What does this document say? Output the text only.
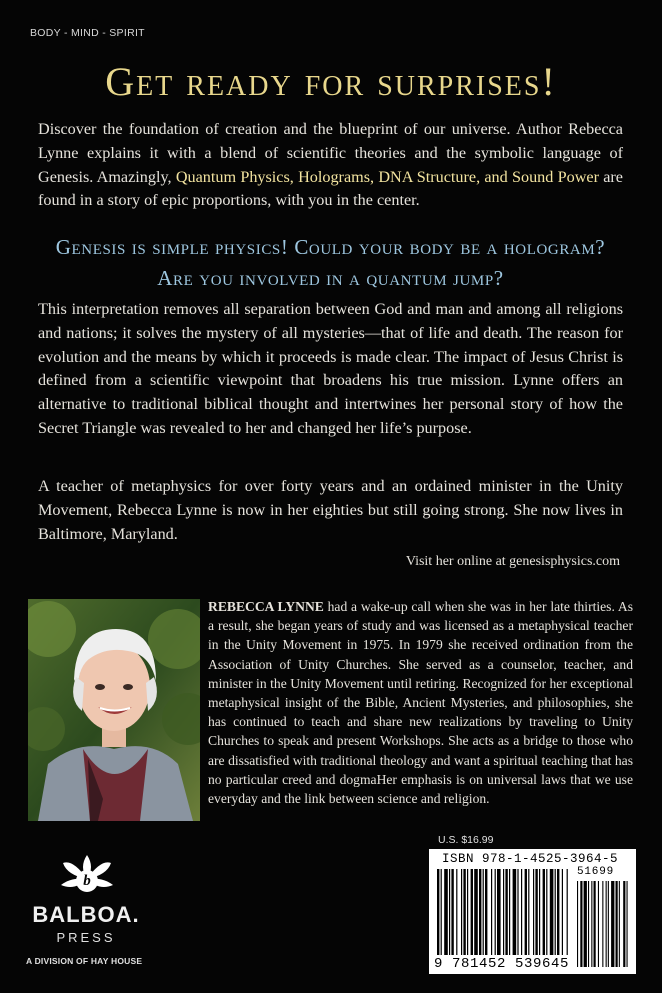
BODY - MIND - SPIRIT
Get ready for surprises!

Discover the foundation of creation and the blueprint of our universe. Author Rebecca Lynne explains it with a blend of scientific theories and the symbolic language of Genesis. Amazingly, Quantum Physics, Holograms, DNA Structure, and Sound Power are found in a story of epic proportions, with you in the center.

Genesis is simple physics! Could your body be a hologram? Are you involved in a quantum jump?

This interpretation removes all separation between God and man and among all religions and nations; it solves the mystery of all mysteries—that of life and death. The reason for evolution and the means by which it proceeds is made clear. The impact of Jesus Christ is defined from a scientific viewpoint that broadens his true mission. Lynne offers an alternative to traditional biblical thought and intertwines her personal story of how the Secret Triangle was revealed to her and changed her life’s purpose.

A teacher of metaphysics for over forty years and an ordained minister in the Unity Movement, Rebecca Lynne is now in her eighties but still going strong. She now lives in Baltimore, Maryland.

Visit her online at genesisphysics.com

REBECCA LYNNE had a wake-up call when she was in her late thirties. As a result, she began years of study and was licensed as a metaphysical teacher in the Unity Movement in 1975. In 1979 she received ordination from the Association of Unity Churches. She served as a counselor, teacher, and minister in the Unity Movement until retiring. Recognized for her exceptional metaphysical insight of the Bible, Ancient Mysteries, and philosophies, she has continued to teach and share new realizations by traveling to Unity Churches to speak and present Workshops. She acts as a bridge to those who are dissatisfied with traditional theology and want a spiritual teaching that has no particular creed and dogmaHer emphasis is on universal laws that we use everyday and the link between science and religion.

b
BALBOA.
PRESS
A DIVISION OF HAY HOUSE
U.S. $16.99
ISBN 978-1-4525-3964-5
51699
9 781452 539645
